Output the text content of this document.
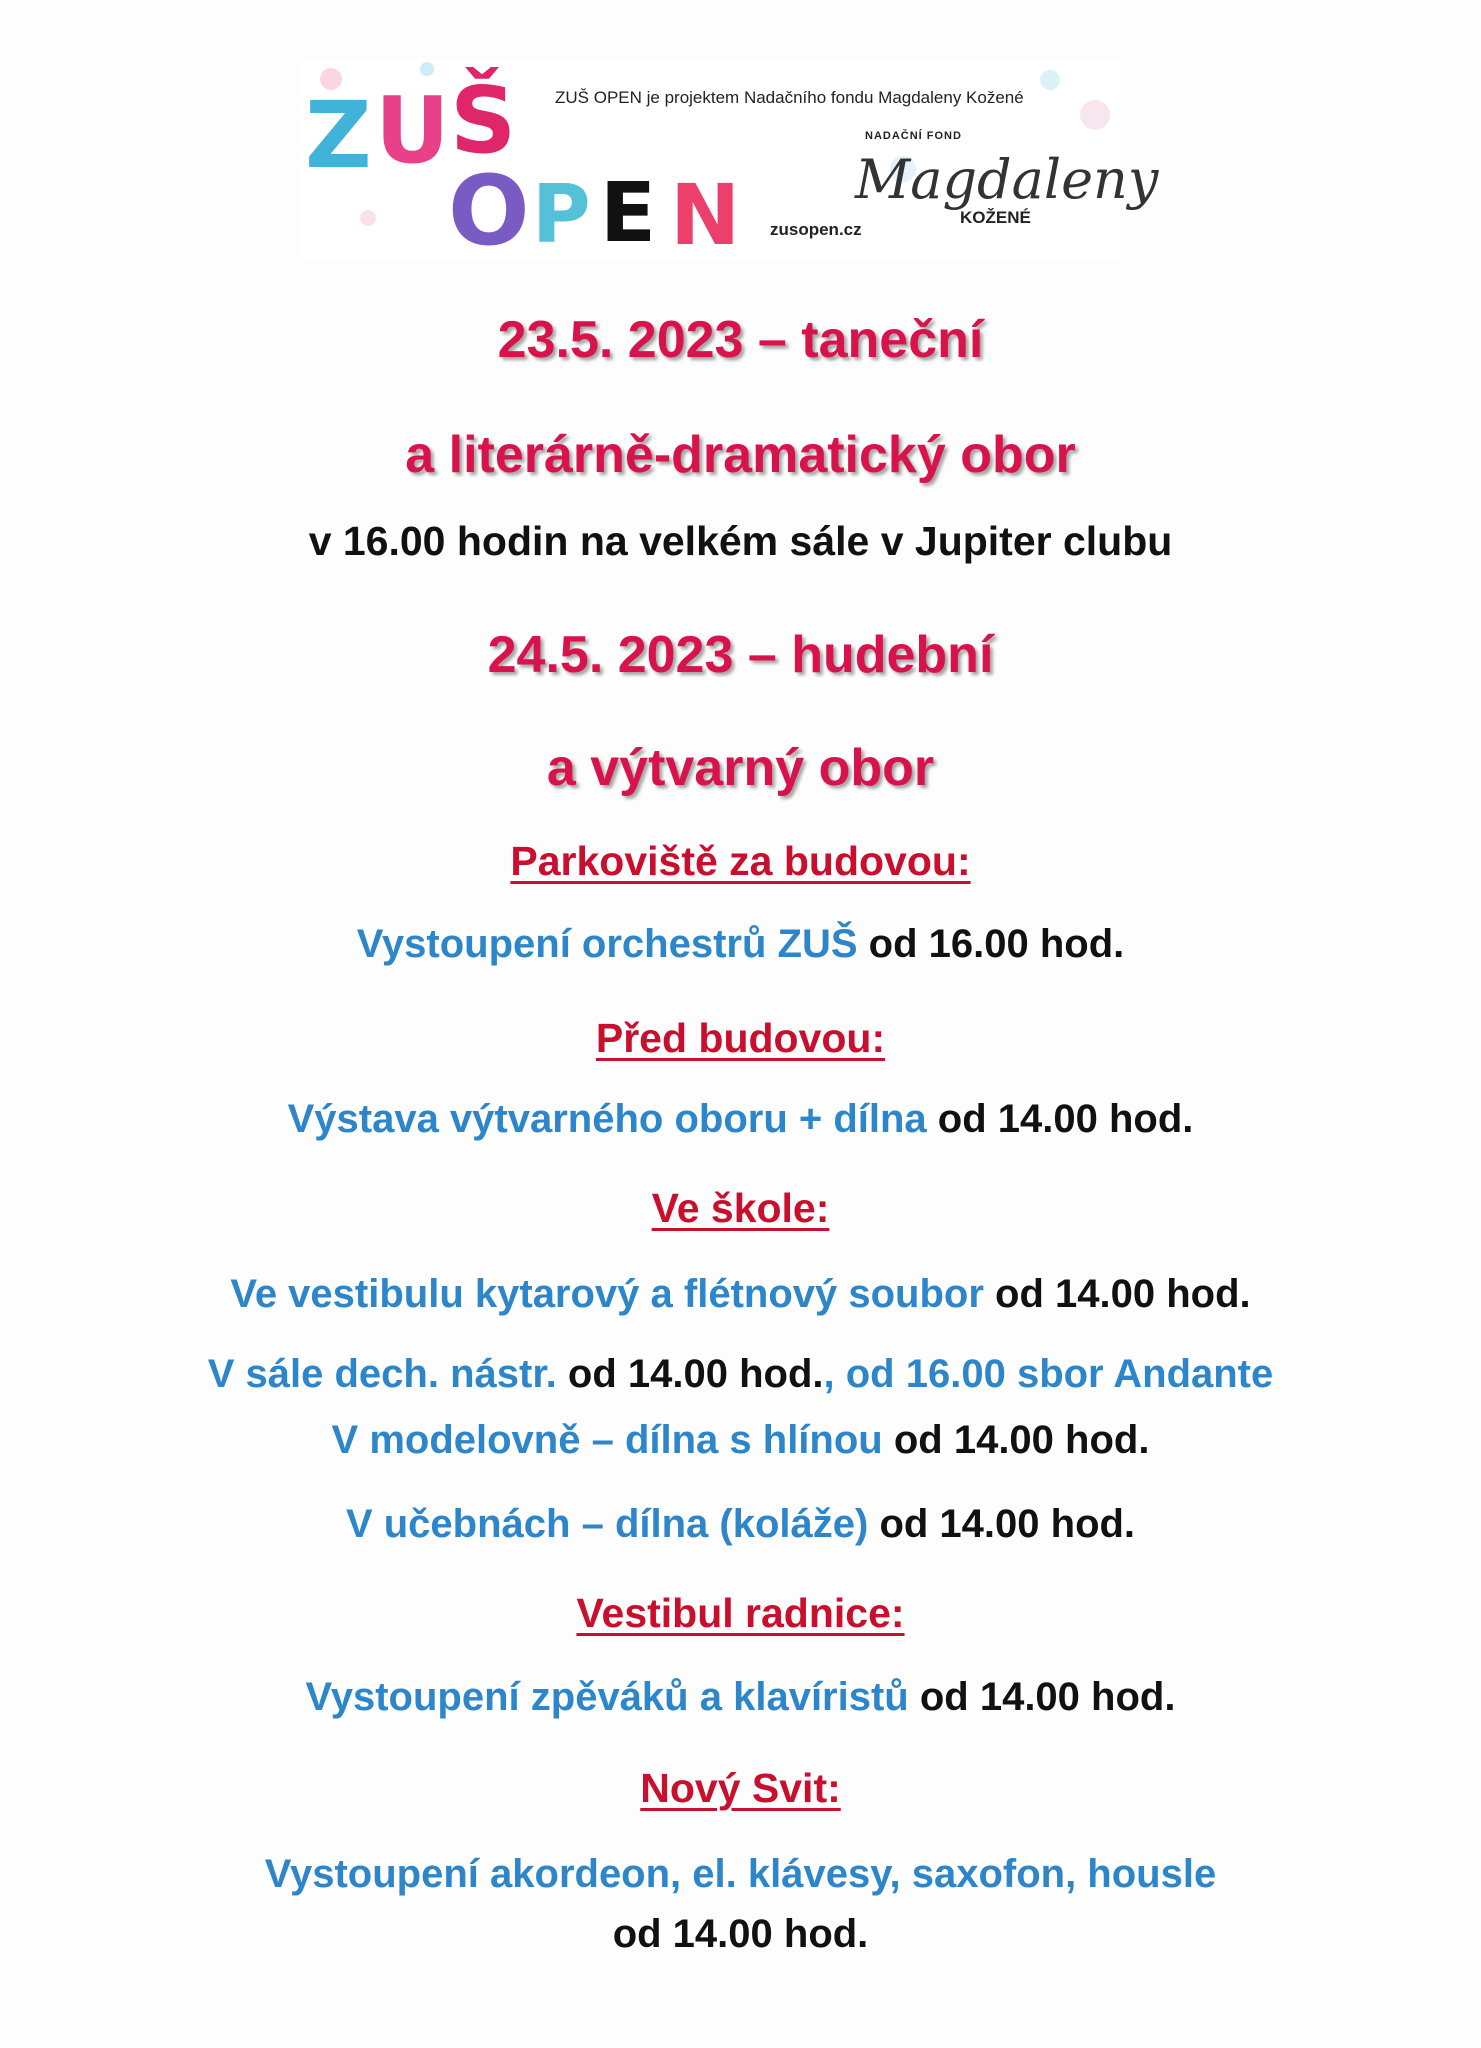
Z U Š
O P E N
ZUŠ OPEN je projektem Nadačního fondu Magdaleny Kožené
NADAČNÍ FOND
Magdaleny
KOŽENÉ
zusopen.cz
23.5. 2023 – taneční
a literárně-dramatický obor
v 16.00 hodin na velkém sále v Jupiter clubu
24.5. 2023 – hudební
a výtvarný obor
Parkoviště za budovou:
Vystoupení orchestrů ZUŠ od 16.00 hod.
Před budovou:
Výstava výtvarného oboru + dílna od 14.00 hod.
Ve škole:
Ve vestibulu kytarový a flétnový soubor od 14.00 hod.
V sále dech. nástr. od 14.00 hod., od 16.00 sbor Andante
V modelovně – dílna s hlínou od 14.00 hod.
V učebnách – dílna (koláže) od 14.00 hod.
Vestibul radnice:
Vystoupení zpěváků a klavíristů od 14.00 hod.
Nový Svit:
Vystoupení akordeon, el. klávesy, saxofon, housle
od 14.00 hod.
